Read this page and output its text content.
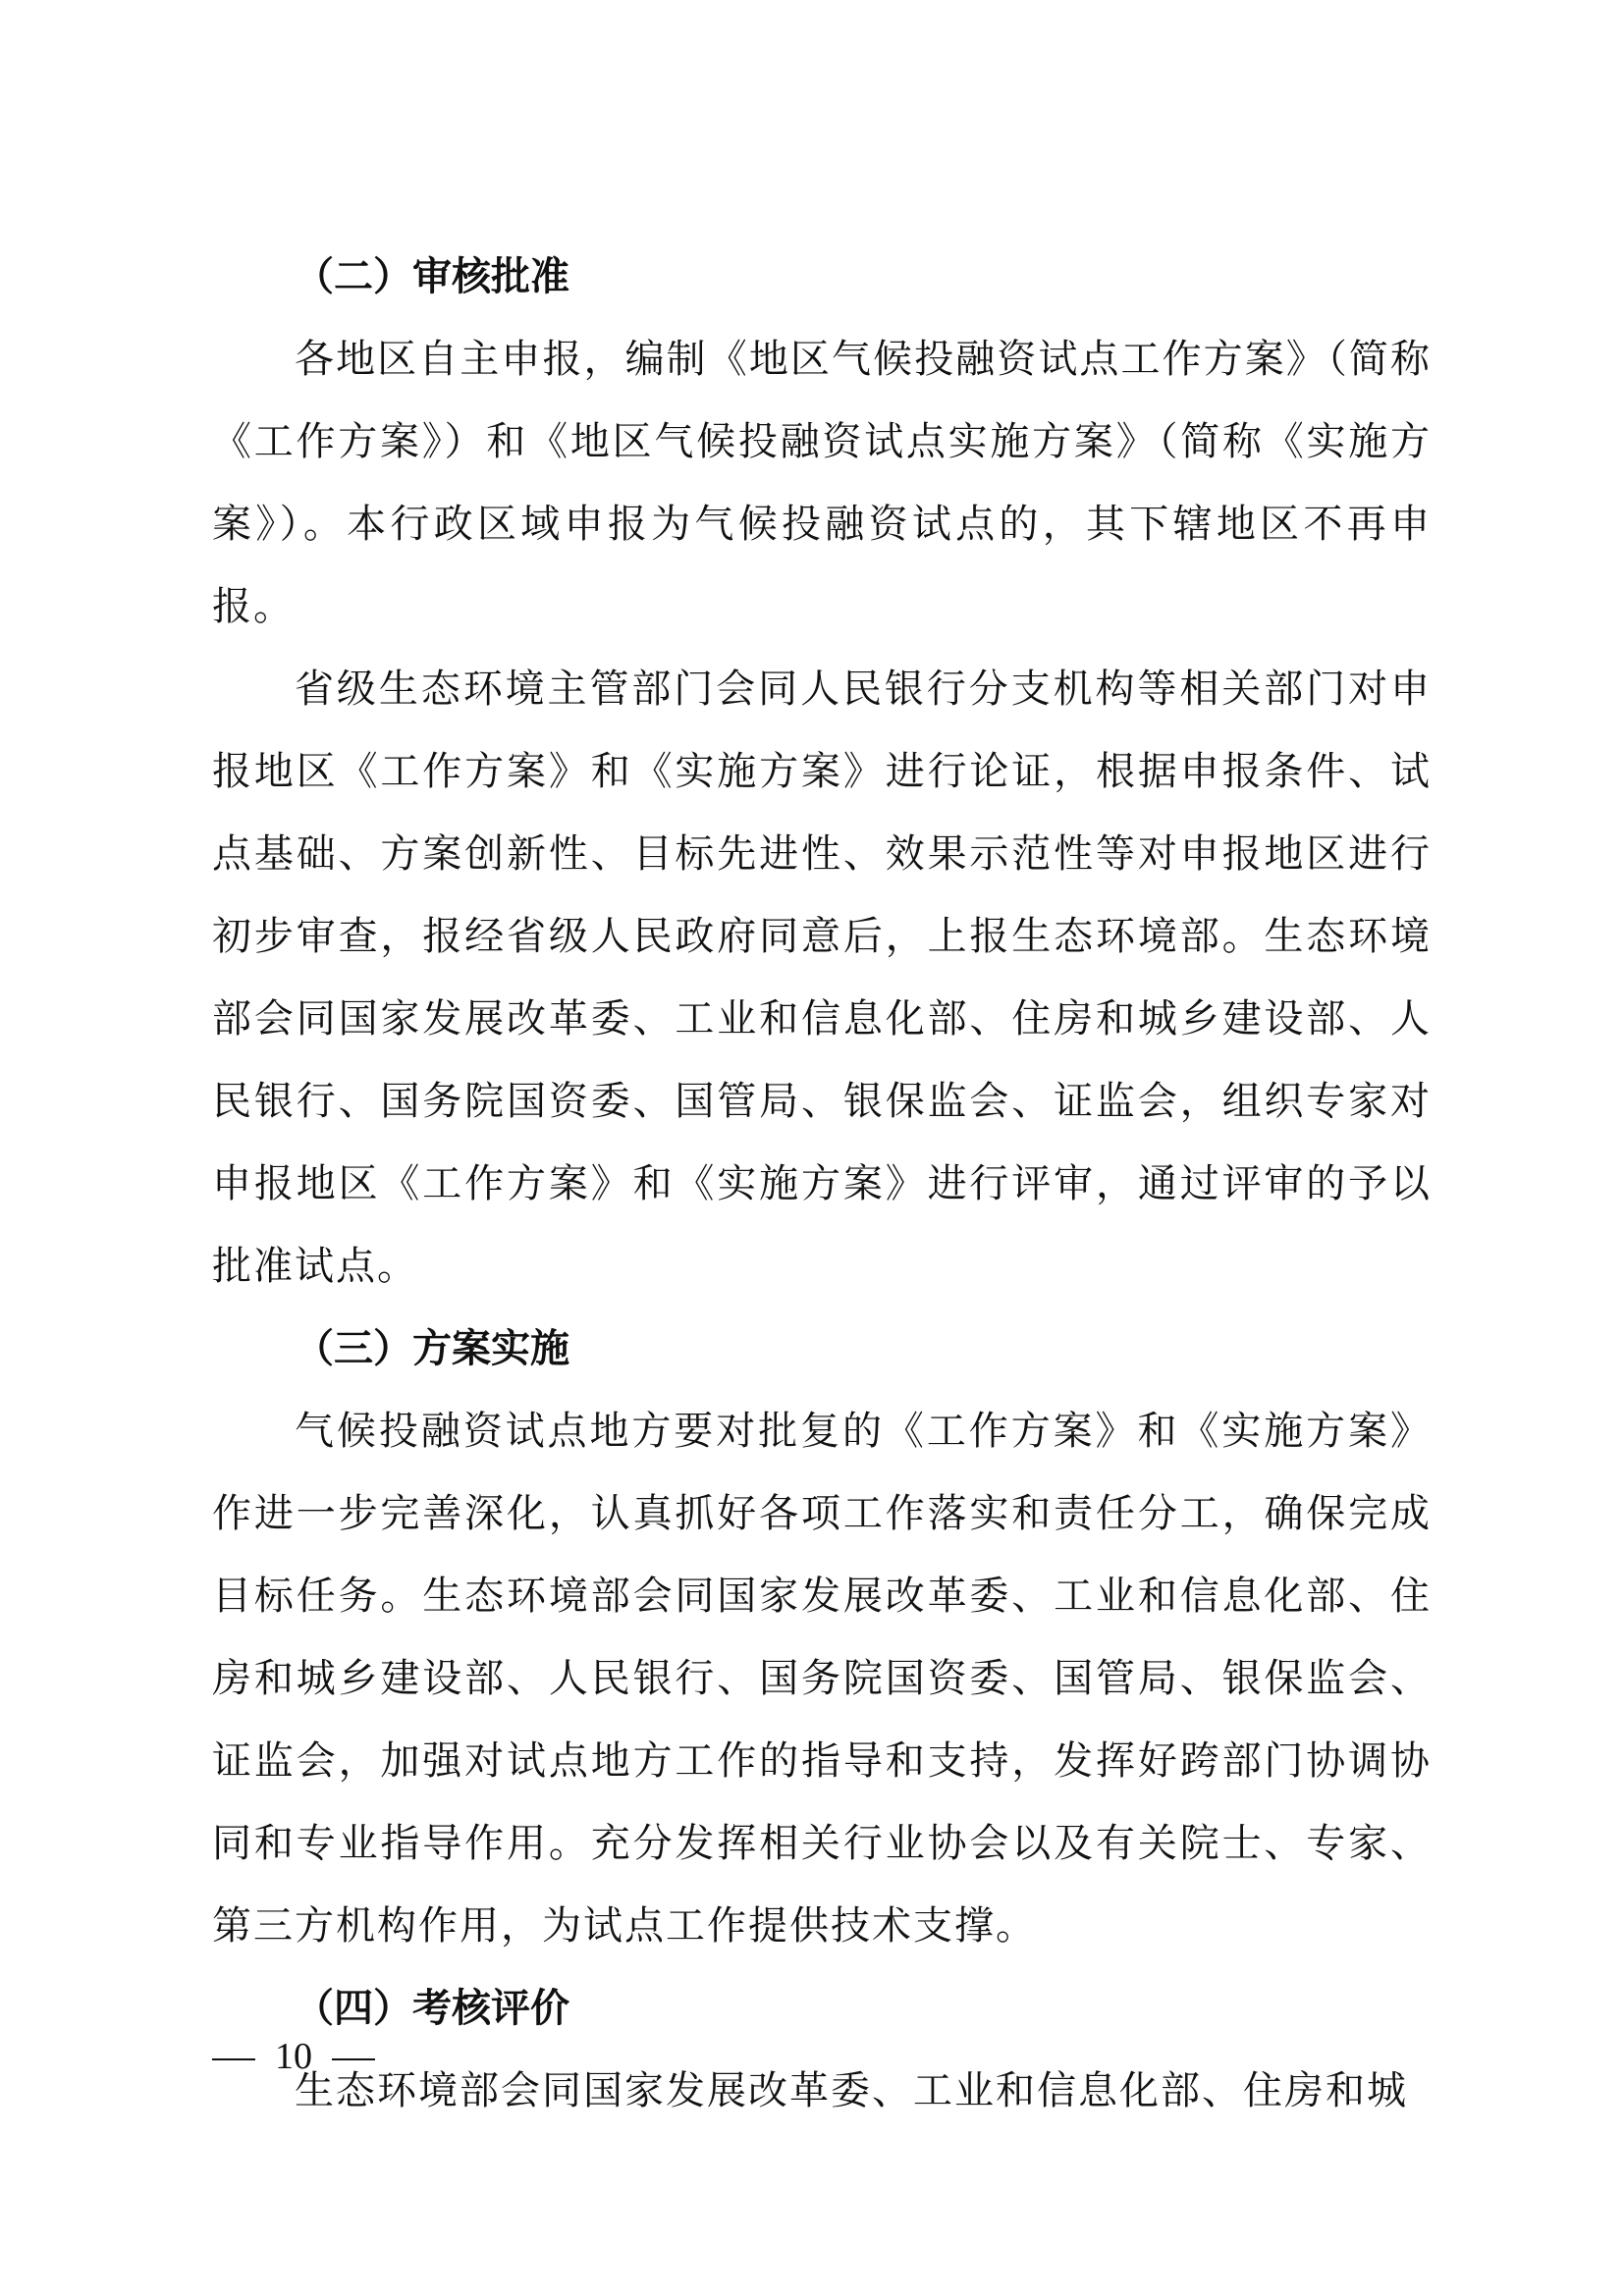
（二）审核批准

各地区自主申报，编制《地区气候投融资试点工作方案》（简称《工作方案》）和《地区气候投融资试点实施方案》（简称《实施方案》）。本行政区域申报为气候投融资试点的，其下辖地区不再申报。

省级生态环境主管部门会同人民银行分支机构等相关部门对申报地区《工作方案》和《实施方案》进行论证，根据申报条件、试点基础、方案创新性、目标先进性、效果示范性等对申报地区进行初步审查，报经省级人民政府同意后，上报生态环境部。生态环境部会同国家发展改革委、工业和信息化部、住房和城乡建设部、人民银行、国务院国资委、国管局、银保监会、证监会，组织专家对申报地区《工作方案》和《实施方案》进行评审，通过评审的予以批准试点。

（三）方案实施

气候投融资试点地方要对批复的《工作方案》和《实施方案》作进一步完善深化，认真抓好各项工作落实和责任分工，确保完成目标任务。生态环境部会同国家发展改革委、工业和信息化部、住房和城乡建设部、人民银行、国务院国资委、国管局、银保监会、证监会，加强对试点地方工作的指导和支持，发挥好跨部门协调协同和专业指导作用。充分发挥相关行业协会以及有关院士、专家、第三方机构作用，为试点工作提供技术支撑。

（四）考核评价

生态环境部会同国家发展改革委、工业和信息化部、住房和城

10
